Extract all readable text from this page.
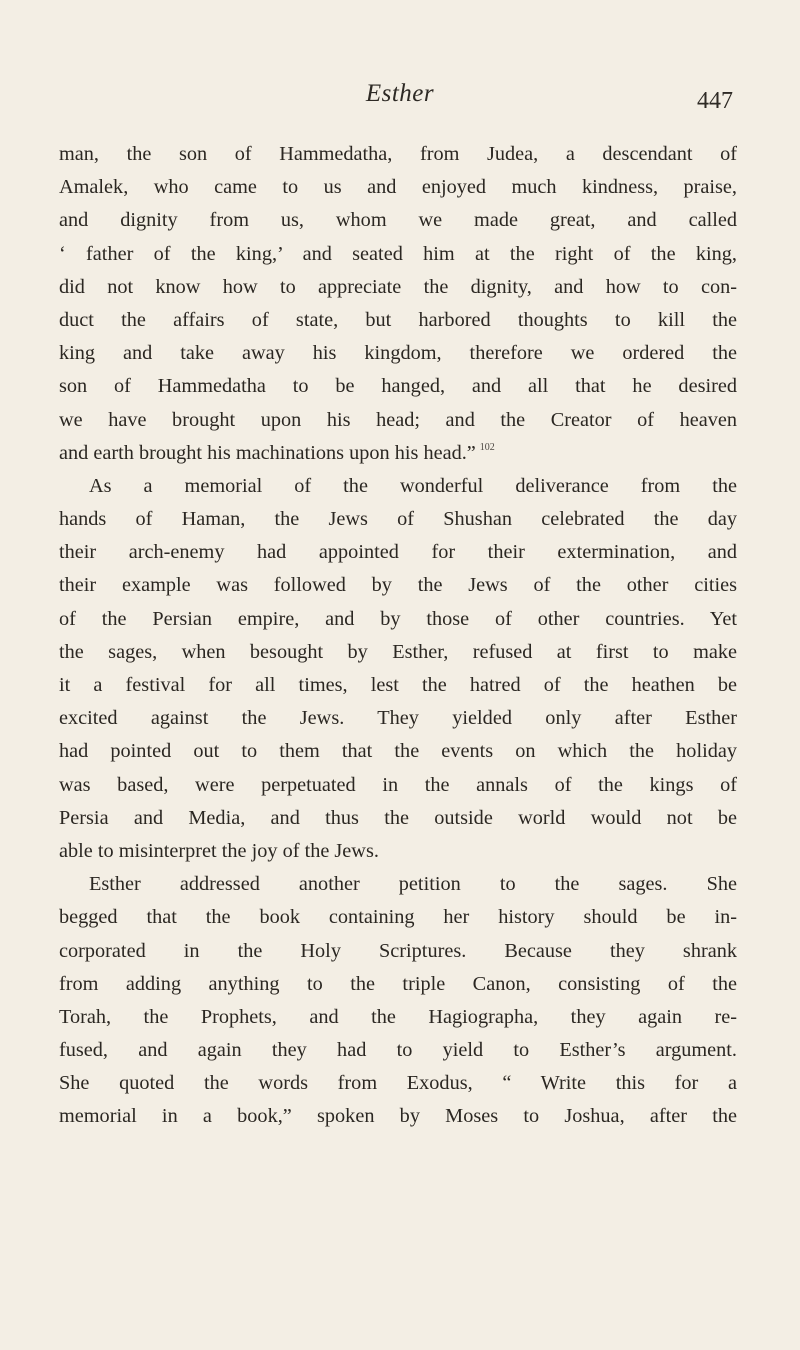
Esther	447
man, the son of Hammedatha, from Judea, a descendant of
Amalek, who came to us and enjoyed much kindness, praise,
and dignity from us, whom we made great, and called
‘ father of the king,’ and seated him at the right of the king,
did not know how to appreciate the dignity, and how to con-
duct the affairs of state, but harbored thoughts to kill the
king and take away his kingdom, therefore we ordered the
son of Hammedatha to be hanged, and all that he desired
we have brought upon his head; and the Creator of heaven
and earth brought his machinations upon his head.” $^{102}$
As a memorial of the wonderful deliverance from the
hands of Haman, the Jews of Shushan celebrated the day
their arch-enemy had appointed for their extermination, and
their example was followed by the Jews of the other cities
of the Persian empire, and by those of other countries. Yet
the sages, when besought by Esther, refused at first to make
it a festival for all times, lest the hatred of the heathen be
excited against the Jews. They yielded only after Esther
had pointed out to them that the events on which the holiday
was based, were perpetuated in the annals of the kings of
Persia and Media, and thus the outside world would not be
able to misinterpret the joy of the Jews.
Esther addressed another petition to the sages. She
begged that the book containing her history should be in-
corporated in the Holy Scriptures. Because they shrank
from adding anything to the triple Canon, consisting of the
Torah, the Prophets, and the Hagiographa, they again re-
fused, and again they had to yield to Esther’s argument.
She quoted the words from Exodus, “ Write this for a
memorial in a book,” spoken by Moses to Joshua, after the
